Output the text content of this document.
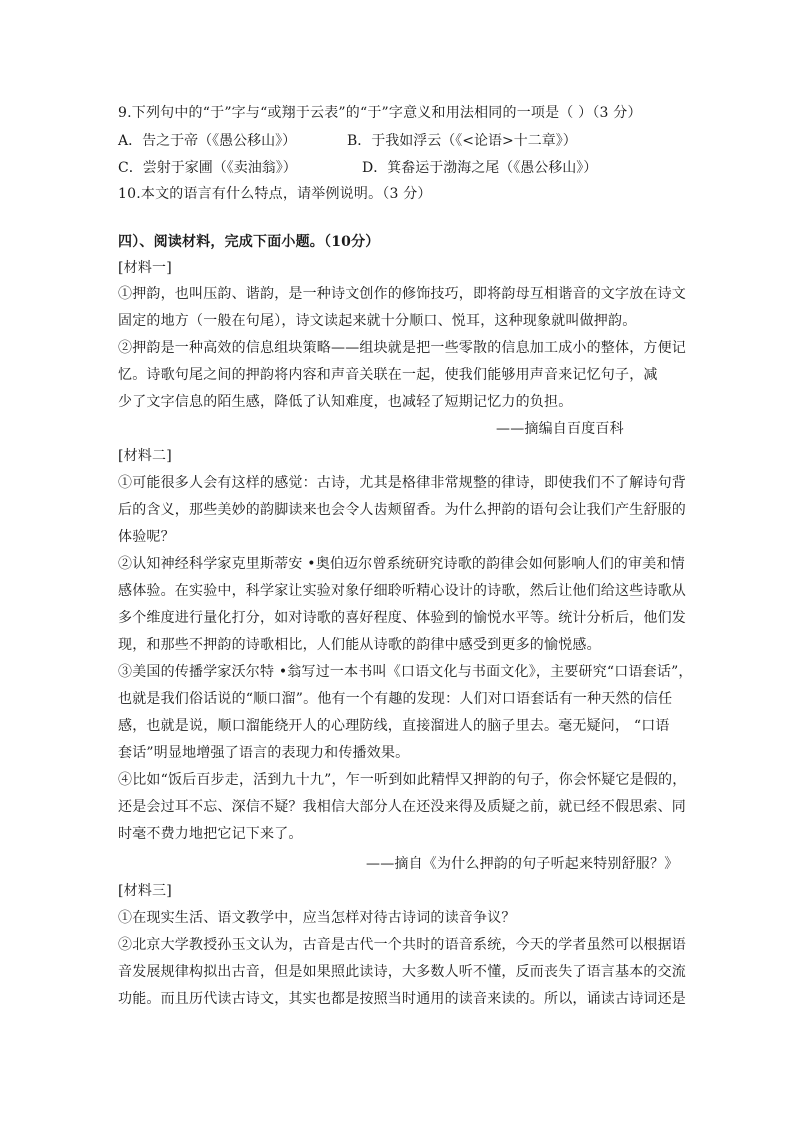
9.下列句中的“于”字与“或翔于云表”的“于”字意义和用法相同的一项是（ ）（3 分）
A．告之于帝（《愚公移山》）	B．于我如浮云（《<论语>十二章》）
C．尝射于家圃（《卖油翁》）	D．箕畚运于渤海之尾（《愚公移山》）
10.本文的语言有什么特点，请举例说明。（3 分）
四）、阅读材料，完成下面小题。（10分）
[材料一]
①押韵，也叫压韵、谐韵，是一种诗文创作的修饰技巧，即将韵母互相谐音的文字放在诗文
固定的地方（一般在句尾），诗文读起来就十分顺口、悦耳，这种现象就叫做押韵。
②押韵是一种高效的信息组块策略——组块就是把一些零散的信息加工成小的整体，方便记
忆。诗歌句尾之间的押韵将内容和声音关联在一起，使我们能够用声音来记忆句子，减
少了文字信息的陌生感，降低了认知难度，也减轻了短期记忆力的负担。
——摘编自百度百科
[材料二]
①可能很多人会有这样的感觉：古诗，尤其是格律非常规整的律诗，即使我们不了解诗句背
后的含义，那些美妙的韵脚读来也会令人齿颊留香。为什么押韵的语句会让我们产生舒服的
体验呢？
②认知神经科学家克里斯蒂安 •奥伯迈尔曾系统研究诗歌的韵律会如何影响人们的审美和情
感体验。在实验中，科学家让实验对象仔细聆听精心设计的诗歌，然后让他们给这些诗歌从
多个维度进行量化打分，如对诗歌的喜好程度、体验到的愉悦水平等。统计分析后，他们发
现，和那些不押韵的诗歌相比，人们能从诗歌的韵律中感受到更多的愉悦感。
③美国的传播学家沃尔特 •翁写过一本书叫《口语文化与书面文化》，主要研究“口语套话”，
也就是我们俗话说的“顺口溜”。他有一个有趣的发现：人们对口语套话有一种天然的信任
感，也就是说，顺口溜能绕开人的心理防线，直接溜进人的脑子里去。毫无疑问， “口语
套话”明显地增强了语言的表现力和传播效果。
④比如“饭后百步走，活到九十九”，乍一听到如此精悍又押韵的句子，你会怀疑它是假的，
还是会过耳不忘、深信不疑？我相信大部分人在还没来得及质疑之前，就已经不假思索、同
时毫不费力地把它记下来了。
——摘自《为什么押韵的句子听起来特别舒服？》
[材料三]
①在现实生活、语文教学中，应当怎样对待古诗词的读音争议？
②北京大学教授孙玉文认为，古音是古代一个共时的语音系统，今天的学者虽然可以根据语
音发展规律构拟出古音，但是如果照此读诗，大多数人听不懂，反而丧失了语言基本的交流
功能。而且历代读古诗文，其实也都是按照当时通用的读音来读的。所以，诵读古诗词还是
